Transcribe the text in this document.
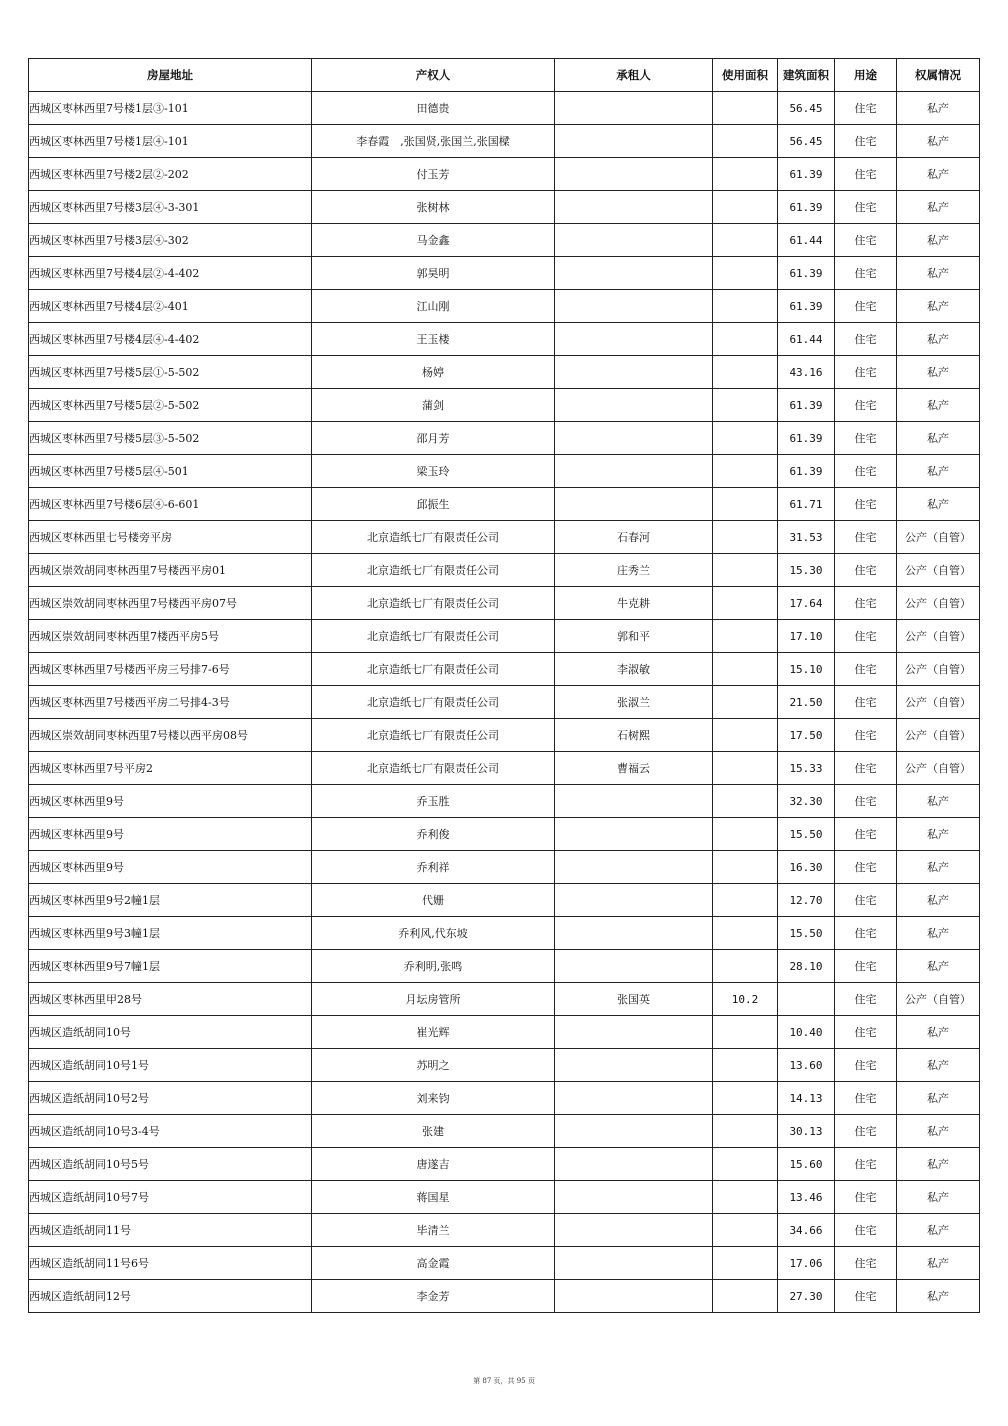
房屋地址	产权人	承租人	使用面积	建筑面积	用途	权属情况
西城区枣林西里7号楼1层③-101	田德贵			56.45	住宅	私产
西城区枣林西里7号楼1层④-101	李春霞　,张国贤,张国兰,张国樑			56.45	住宅	私产
西城区枣林西里7号楼2层②-202	付玉芳			61.39	住宅	私产
西城区枣林西里7号楼3层④-3-301	张树林			61.39	住宅	私产
西城区枣林西里7号楼3层④-302	马金鑫			61.44	住宅	私产
西城区枣林西里7号楼4层②-4-402	郭昊明			61.39	住宅	私产
西城区枣林西里7号楼4层②-401	江山刚			61.39	住宅	私产
西城区枣林西里7号楼4层④-4-402	王玉楼			61.44	住宅	私产
西城区枣林西里7号楼5层①-5-502	杨婷			43.16	住宅	私产
西城区枣林西里7号楼5层②-5-502	蒲剑			61.39	住宅	私产
西城区枣林西里7号楼5层③-5-502	邵月芳			61.39	住宅	私产
西城区枣林西里7号楼5层④-501	梁玉玲			61.39	住宅	私产
西城区枣林西里7号楼6层④-6-601	邱振生			61.71	住宅	私产
西城区枣林西里七号楼旁平房	北京造纸七厂有限责任公司	石春河		31.53	住宅	公产（自管）
西城区崇效胡同枣林西里7号楼西平房01	北京造纸七厂有限责任公司	庄秀兰		15.30	住宅	公产（自管）
西城区崇效胡同枣林西里7号楼西平房07号	北京造纸七厂有限责任公司	牛克耕		17.64	住宅	公产（自管）
西城区崇效胡同枣林西里7楼西平房5号	北京造纸七厂有限责任公司	郭和平		17.10	住宅	公产（自管）
西城区枣林西里7号楼西平房三号排7-6号	北京造纸七厂有限责任公司	李淑敏		15.10	住宅	公产（自管）
西城区枣林西里7号楼西平房二号排4-3号	北京造纸七厂有限责任公司	张淑兰		21.50	住宅	公产（自管）
西城区崇效胡同枣林西里7号楼以西平房08号	北京造纸七厂有限责任公司	石树熙		17.50	住宅	公产（自管）
西城区枣林西里7号平房2	北京造纸七厂有限责任公司	曹福云		15.33	住宅	公产（自管）
西城区枣林西里9号	乔玉胜			32.30	住宅	私产
西城区枣林西里9号	乔利俊			15.50	住宅	私产
西城区枣林西里9号	乔利祥			16.30	住宅	私产
西城区枣林西里9号2幢1层	代姗			12.70	住宅	私产
西城区枣林西里9号3幢1层	乔利风,代东坡			15.50	住宅	私产
西城区枣林西里9号7幢1层	乔利明,张鸣			28.10	住宅	私产
西城区枣林西里甲28号	月坛房管所	张国英	10.2		住宅	公产（自管）
西城区造纸胡同10号	崔光辉			10.40	住宅	私产
西城区造纸胡同10号1号	苏明之			13.60	住宅	私产
西城区造纸胡同10号2号	刘来钧			14.13	住宅	私产
西城区造纸胡同10号3-4号	张建			30.13	住宅	私产
西城区造纸胡同10号5号	唐遂吉			15.60	住宅	私产
西城区造纸胡同10号7号	蒋国星			13.46	住宅	私产
西城区造纸胡同11号	毕清兰			34.66	住宅	私产
西城区造纸胡同11号6号	高金霞			17.06	住宅	私产
西城区造纸胡同12号	李金芳			27.30	住宅	私产
第 87 页，共 95 页
